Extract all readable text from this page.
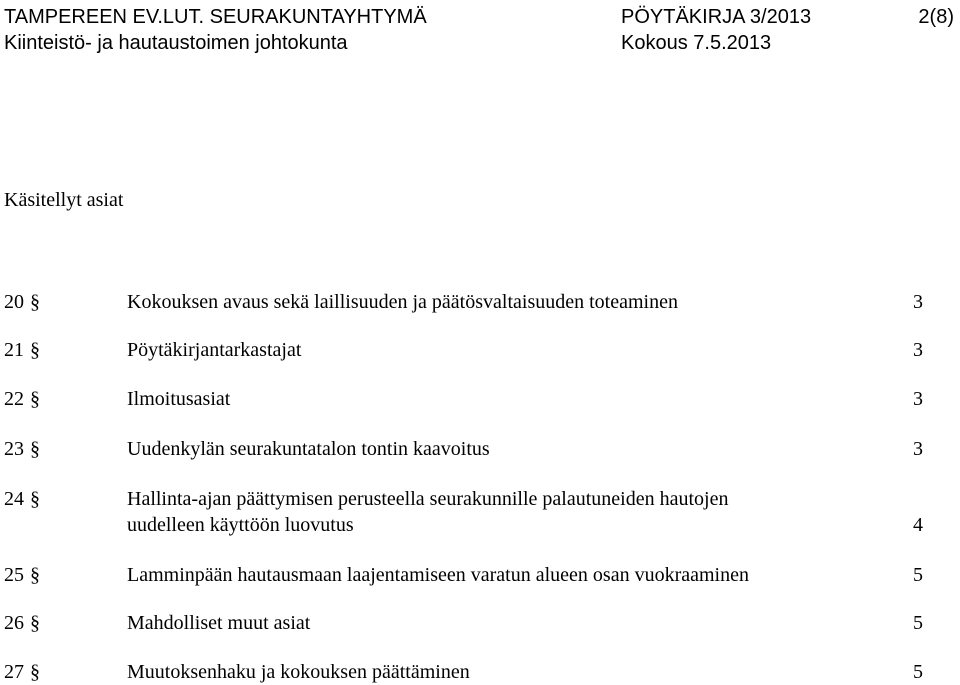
TAMPEREEN EV.LUT. SEURAKUNTAYHTYMÄ
Kiinteistö- ja hautaustoimen johtokunta
PÖYTÄKIRJA 3/2013
Kokous 7.5.2013
2(8)
Käsitellyt asiat
20 §	Kokouksen avaus sekä laillisuuden ja päätösvaltaisuuden toteaminen	3
21 §	Pöytäkirjantarkastajat	3
22 §	Ilmoitusasiat	3
23 §	Uudenkylän seurakuntatalon tontin kaavoitus	3
24 §	Hallinta-ajan päättymisen perusteella seurakunnille palautuneiden hautojen
uudelleen käyttöön luovutus	4
25 §	Lamminpään hautausmaan laajentamiseen varatun alueen osan vuokraaminen	5
26 §	Mahdolliset muut asiat	5
27 §	Muutoksenhaku ja kokouksen päättäminen	5
